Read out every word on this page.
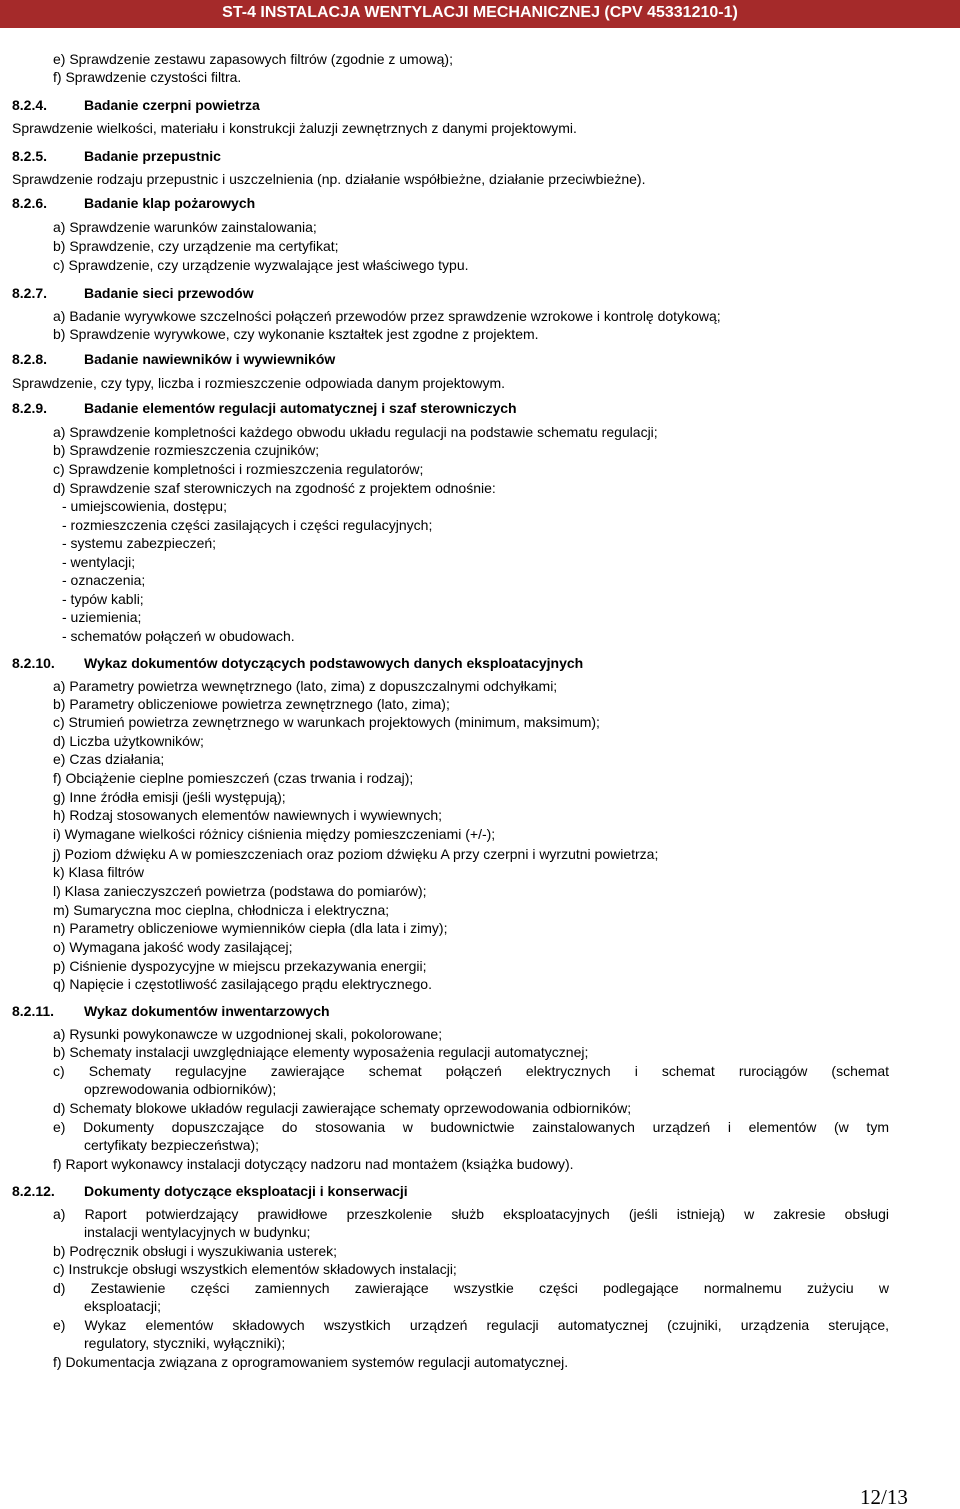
ST-4 INSTALACJA WENTYLACJI MECHANICZNEJ (CPV 45331210-1)
e) Sprawdzenie zestawu zapasowych filtrów (zgodnie z umową);
f) Sprawdzenie czystości filtra.
8.2.4.	Badanie czerpni powietrza
Sprawdzenie wielkości, materiału i konstrukcji żaluzji zewnętrznych z danymi projektowymi.
8.2.5.	Badanie przepustnic
Sprawdzenie rodzaju przepustnic i uszczelnienia (np. działanie współbieżne, działanie przeciwbieżne).
8.2.6.	Badanie klap pożarowych
a) Sprawdzenie warunków zainstalowania;
b) Sprawdzenie, czy urządzenie ma certyfikat;
c) Sprawdzenie, czy urządzenie wyzwalające jest właściwego typu.
8.2.7.	Badanie sieci przewodów
a) Badanie wyrywkowe szczelności połączeń przewodów przez sprawdzenie wzrokowe i kontrolę dotykową;
b) Sprawdzenie wyrywkowe, czy wykonanie kształtek jest zgodne z projektem.
8.2.8.	Badanie nawiewników i wywiewników
Sprawdzenie, czy typy, liczba i rozmieszczenie odpowiada danym projektowym.
8.2.9.	Badanie elementów regulacji automatycznej i szaf sterowniczych
a) Sprawdzenie kompletności każdego obwodu układu regulacji na podstawie schematu regulacji;
b) Sprawdzenie rozmieszczenia czujników;
c) Sprawdzenie kompletności i rozmieszczenia regulatorów;
d) Sprawdzenie szaf sterowniczych na zgodność z projektem odnośnie:
- umiejscowienia, dostępu;
- rozmieszczenia części zasilających i części regulacyjnych;
- systemu zabezpieczeń;
- wentylacji;
- oznaczenia;
- typów kabli;
- uziemienia;
- schematów połączeń w obudowach.
8.2.10. Wykaz dokumentów dotyczących podstawowych danych eksploatacyjnych
a) Parametry powietrza wewnętrznego (lato, zima) z dopuszczalnymi odchyłkami;
b) Parametry obliczeniowe powietrza zewnętrznego (lato, zima);
c) Strumień powietrza zewnętrznego w warunkach projektowych (minimum, maksimum);
d) Liczba użytkowników;
e) Czas działania;
f) Obciążenie cieplne pomieszczeń (czas trwania i rodzaj);
g) Inne źródła emisji (jeśli występują);
h) Rodzaj stosowanych elementów nawiewnych i wywiewnych;
i) Wymagane wielkości różnicy ciśnienia między pomieszczeniami (+/-);
j) Poziom dźwięku A w pomieszczeniach oraz poziom dźwięku A przy czerpni i wyrzutni powietrza;
k) Klasa filtrów
l) Klasa zanieczyszczeń powietrza (podstawa do pomiarów);
m) Sumaryczna moc cieplna, chłodnicza i elektryczna;
n) Parametry obliczeniowe wymienników ciepła (dla lata i zimy);
o) Wymagana jakość wody zasilającej;
p) Ciśnienie dyspozycyjne w miejscu przekazywania energii;
q) Napięcie i częstotliwość zasilającego prądu elektrycznego.
8.2.11. Wykaz dokumentów inwentarzowych
a) Rysunki powykonawcze w uzgodnionej skali, pokolorowane;
b) Schematy instalacji uwzględniające elementy wyposażenia regulacji automatycznej;
c) Schematy regulacyjne zawierające schemat połączeń elektrycznych i schemat rurociągów (schemat
opzrewodowania odbiorników);
d) Schematy blokowe układów regulacji zawierające schematy oprzewodowania odbiorników;
e) Dokumenty dopuszczające do stosowania w budownictwie zainstalowanych urządzeń i elementów (w tym
certyfikaty bezpieczeństwa);
f) Raport wykonawcy instalacji dotyczący nadzoru nad montażem (książka budowy).
8.2.12. Dokumenty dotyczące eksploatacji i konserwacji
a) Raport potwierdzający prawidłowe przeszkolenie służb eksploatacyjnych (jeśli istnieją) w zakresie obsługi
instalacji wentylacyjnych w budynku;
b) Podręcznik obsługi i wyszukiwania usterek;
c) Instrukcje obsługi wszystkich elementów składowych instalacji;
d) Zestawienie części zamiennych zawierające wszystkie części podlegające normalnemu zużyciu w
eksploatacji;
e) Wykaz elementów składowych wszystkich urządzeń regulacji automatycznej (czujniki, urządzenia sterujące,
regulatory, styczniki, wyłączniki);
f) Dokumentacja związana z oprogramowaniem systemów regulacji automatycznej.
12/13
